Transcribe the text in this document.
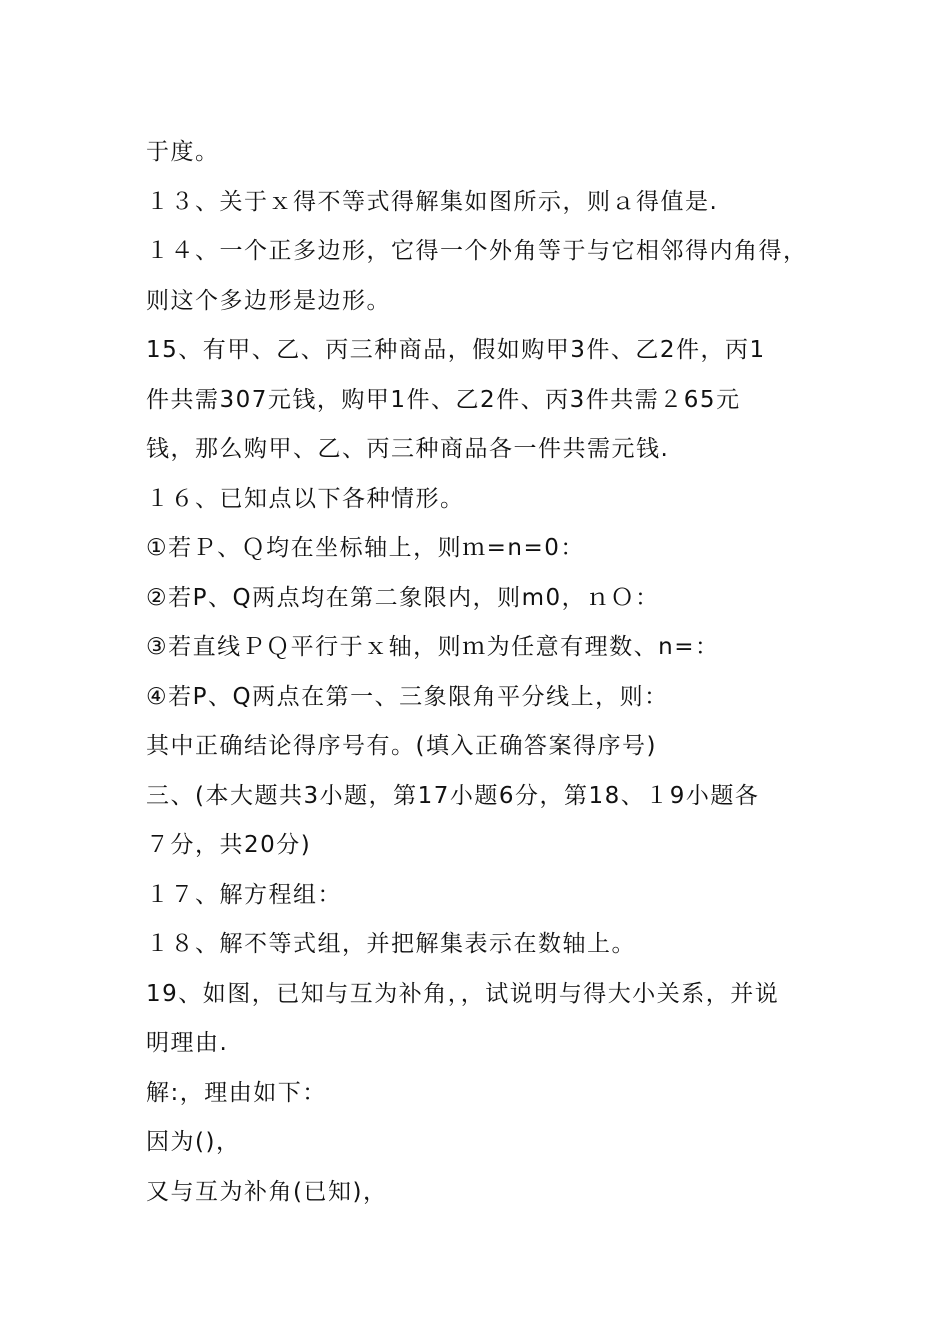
于度。
１３、关于ｘ得不等式得解集如图所示，则ａ得值是.
１４、一个正多边形，它得一个外角等于与它相邻得内角得，
则这个多边形是边形。
15、有甲、乙、丙三种商品，假如购甲3件、乙2件，丙1
件共需307元钱，购甲1件、乙2件、丙3件共需２65元
钱，那么购甲、乙、丙三种商品各一件共需元钱.
１６、已知点以下各种情形。
①若Ｐ、Ｑ均在坐标轴上，则ｍ=n=0：
②若P、Q两点均在第二象限内，则m0，ｎＯ：
③若直线ＰＱ平行于ｘ轴，则ｍ为任意有理数、n=：
④若P、Q两点在第一、三象限角平分线上，则：
其中正确结论得序号有。(填入正确答案得序号)
三、(本大题共3小题，第17小题6分，第18、１9小题各
７分，共20分)
１７、解方程组：
１８、解不等式组，并把解集表示在数轴上。
19、如图，已知与互为补角，，试说明与得大小关系，并说
明理由.
解:，理由如下：
因为()，
又与互为补角(已知)，
